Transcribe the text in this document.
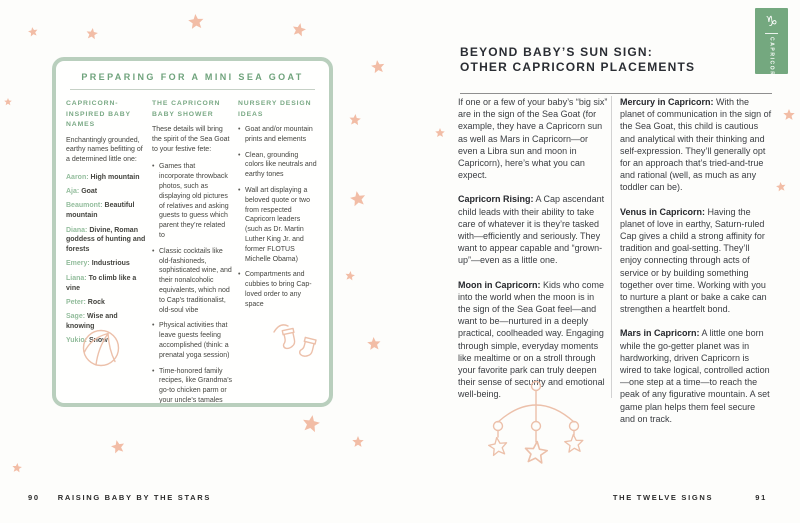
PREPARING FOR A MINI SEA GOAT

CAPRICORN-INSPIRED BABY NAMES

Enchantingly grounded, earthy names befitting of a determined little one:

Aaron: High mountain
Aja: Goat
Beaumont: Beautiful mountain
Diana: Divine, Roman goddess of hunting and forests
Emery: Industrious
Liana: To climb like a vine
Peter: Rock
Sage: Wise and knowing
Yukio: Snow

THE CAPRICORN BABY SHOWER

These details will bring the spirit of the Sea Goat to your festive fete:

• Games that incorporate throwback photos, such as displaying old pictures of relatives and asking guests to guess which parent they’re related to
• Classic cocktails like old-fashioneds, sophisticated wine, and their nonalcoholic equivalents, which nod to Cap’s traditionalist, old-soul vibe
• Physical activities that leave guests feeling accomplished (think: a prenatal yoga session)
• Time-honored family recipes, like Grandma’s go-to chicken parm or your uncle’s tamales

NURSERY DESIGN IDEAS

• Goat and/or mountain prints and elements
• Clean, grounding colors like neutrals and earthy tones
• Wall art displaying a beloved quote or two from respected Capricorn leaders (such as Dr. Martin Luther King Jr. and former FLOTUS Michelle Obama)
• Compartments and cubbies to bring Cap-loved order to any space
90 RAISING BABY BY THE STARS
BEYOND BABY’S SUN SIGN:
OTHER CAPRICORN PLACEMENTS

If one or a few of your baby’s “big six” are in the sign of the Sea Goat (for example, they have a Capricorn sun as well as Mars in Capricorn—or even a Libra sun and moon in Capricorn), here’s what you can expect.

Capricorn Rising: A Cap ascendant child leads with their ability to take care of whatever it is they’re tasked with—efficiently and seriously. They want to appear capable and “grown-up”—even as a little one.

Moon in Capricorn: Kids who come into the world when the moon is in the sign of the Sea Goat feel—and want to be—nurtured in a deeply practical, coolheaded way. Engaging through simple, everyday moments like mealtime or on a stroll through your favorite park can truly deepen their sense of security and emotional well-being.

Mercury in Capricorn: With the planet of communication in the sign of the Sea Goat, this child is cautious and analytical with their thinking and self-expression. They’ll generally opt for an approach that’s tried-and-true and rational (well, as much as any toddler can be).

Venus in Capricorn: Having the planet of love in earthy, Saturn-ruled Cap gives a child a strong affinity for tradition and goal-setting. They’ll enjoy connecting through acts of service or by building something together over time. Working with you to nurture a plant or bake a cake can strengthen a heartfelt bond.

Mars in Capricorn: A little one born while the go-getter planet was in hardworking, driven Capricorn is wired to take logical, controlled action—one step at a time—to reach the peak of any figurative mountain. A set game plan helps them feel secure and on track.

♑
CAPRICORN
THE TWELVE SIGNS	91
